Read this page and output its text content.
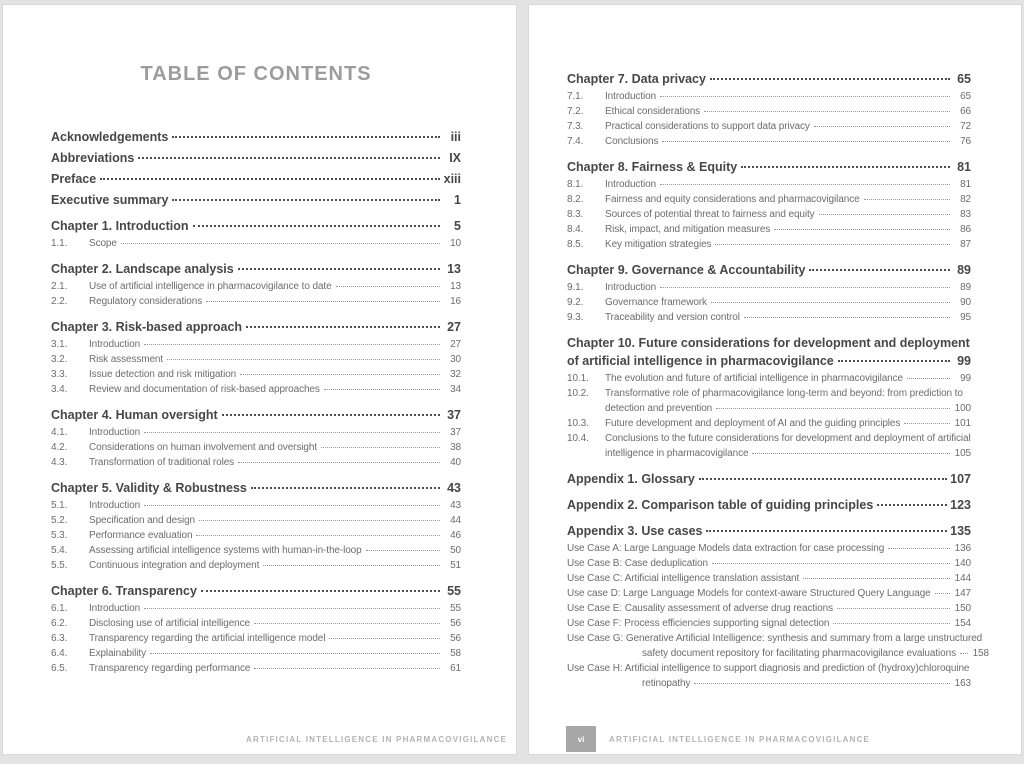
TABLE OF CONTENTS
Acknowledgements	iii
Abbreviations	IX
Preface	xiii
Executive summary	1
Chapter 1. Introduction	5
1.1.	Scope	10
Chapter 2. Landscape analysis	13
2.1.	Use of artificial intelligence in pharmacovigilance to date	13
2.2.	Regulatory considerations	16
Chapter 3. Risk-based approach	27
3.1.	Introduction	27
3.2.	Risk assessment	30
3.3.	Issue detection and risk mitigation	32
3.4.	Review and documentation of risk-based approaches	34
Chapter 4. Human oversight	37
4.1.	Introduction	37
4.2.	Considerations on human involvement and oversight	38
4.3.	Transformation of traditional roles	40
Chapter 5. Validity & Robustness	43
5.1.	Introduction	43
5.2.	Specification and design	44
5.3.	Performance evaluation	46
5.4.	Assessing artificial intelligence systems with human-in-the-loop	50
5.5.	Continuous integration and deployment	51
Chapter 6. Transparency	55
6.1.	Introduction	55
6.2.	Disclosing use of artificial intelligence	56
6.3.	Transparency regarding the artificial intelligence model	56
6.4.	Explainability	58
6.5.	Transparency regarding performance	61
ARTIFICIAL INTELLIGENCE IN PHARMACOVIGILANCE
Chapter 7. Data privacy	65
7.1.	Introduction	65
7.2.	Ethical considerations	66
7.3.	Practical considerations to support data privacy	72
7.4.	Conclusions	76
Chapter 8. Fairness & Equity	81
8.1.	Introduction	81
8.2.	Fairness and equity considerations and pharmacovigilance	82
8.3.	Sources of potential threat to fairness and equity	83
8.4.	Risk, impact, and mitigation measures	86
8.5.	Key mitigation strategies	87
Chapter 9. Governance & Accountability	89
9.1.	Introduction	89
9.2.	Governance framework	90
9.3.	Traceability and version control	95
Chapter 10. Future considerations for development and deployment
of artificial intelligence in pharmacovigilance	99
10.1.	The evolution and future of artificial intelligence in pharmacovigilance	99
10.2.	Transformative role of pharmacovigilance long-term and beyond: from prediction to
detection and prevention	100
10.3.	Future development and deployment of AI and the guiding principles	101
10.4.	Conclusions to the future considerations for development and deployment of artificial
intelligence in pharmacovigilance	105
Appendix 1. Glossary	107
Appendix 2. Comparison table of guiding principles	123
Appendix 3. Use cases	135
Use Case A: Large Language Models data extraction for case processing	136
Use Case B: Case deduplication	140
Use Case C: Artificial intelligence translation assistant	144
Use case D: Large Language Models for context-aware Structured Query Language 147
Use Case E: Causality assessment of adverse drug reactions	150
Use Case F: Process efficiencies supporting signal detection	154
Use Case G: Generative Artificial Intelligence: synthesis and summary from a large unstructured
safety document repository for facilitating pharmacovigilance evaluations 158
Use Case H: Artificial intelligence to support diagnosis and prediction of (hydroxy)chloroquine
retinopathy	163
vi	ARTIFICIAL INTELLIGENCE IN PHARMACOVIGILANCE
